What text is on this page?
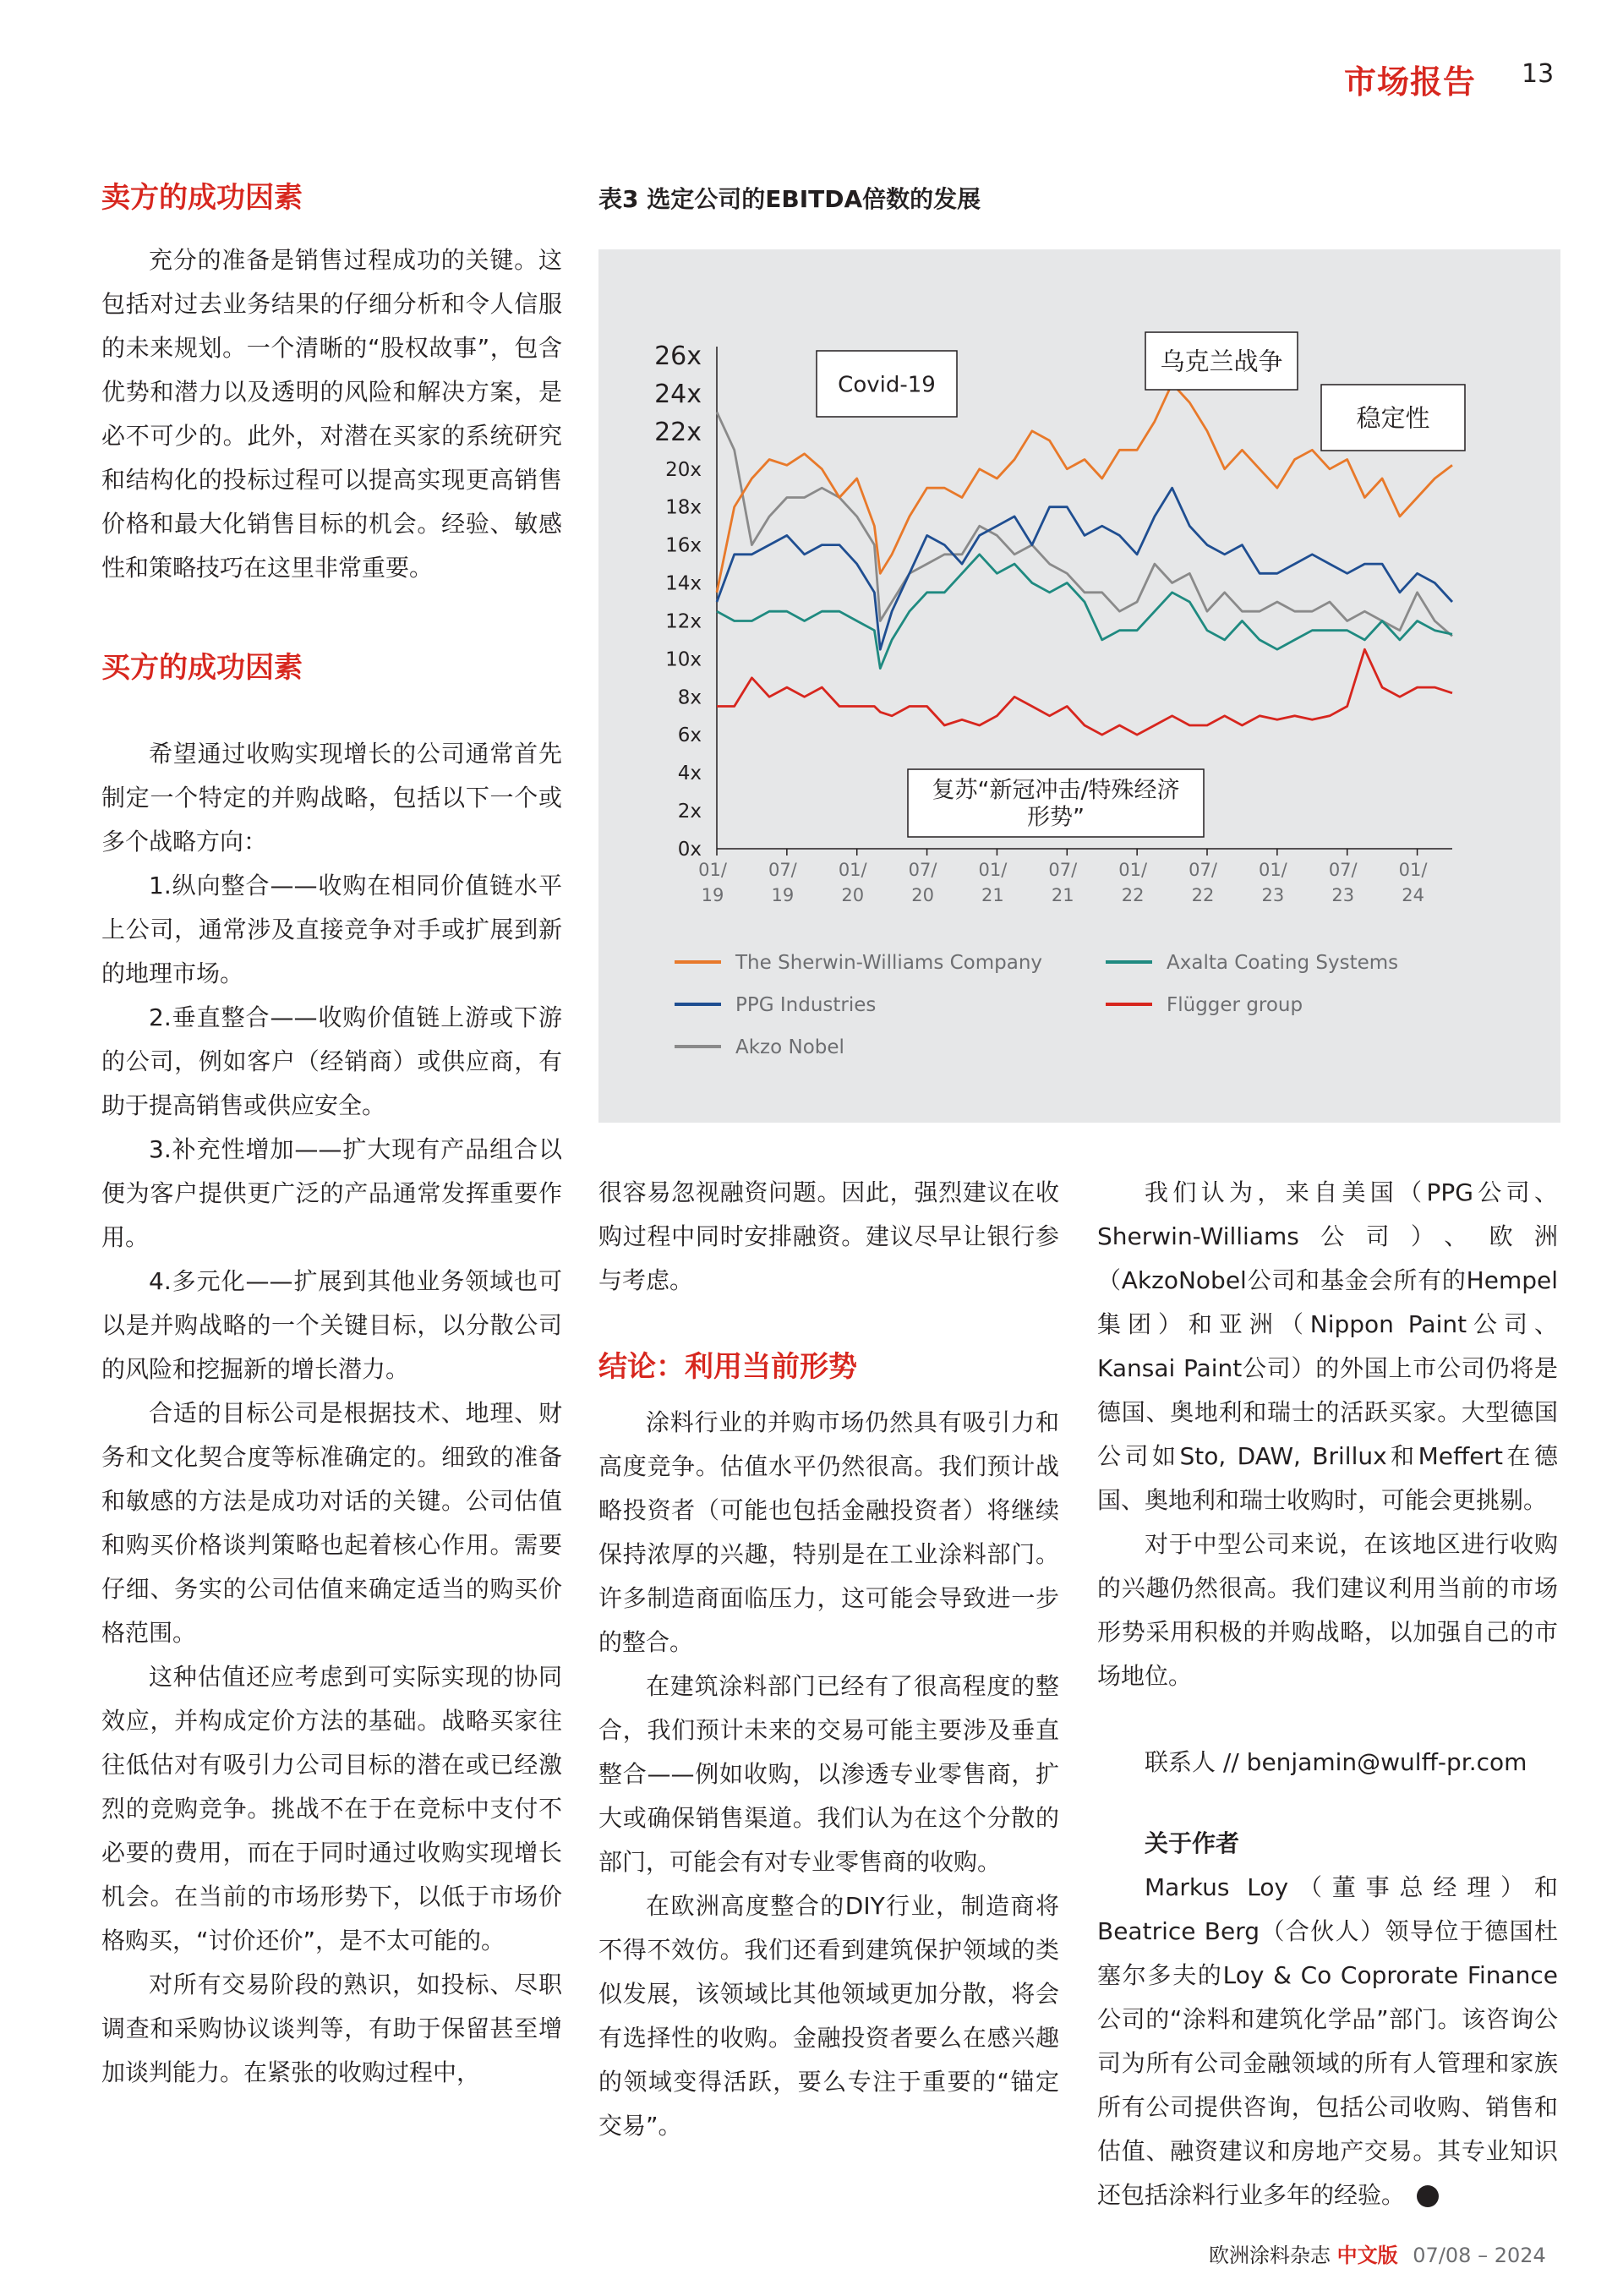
市场报告 13
卖方的成功因素

充分的准备是销售过程成功的关键。这包括对过去业务结果的仔细分析和令人信服的未来规划。一个清晰的“股权故事”，包含优势和潜力以及透明的风险和解决方案，是必不可少的。此外，对潜在买家的系统研究和结构化的投标过程可以提高实现更高销售价格和最大化销售目标的机会。经验、敏感性和策略技巧在这里非常重要。

买方的成功因素

希望通过收购实现增长的公司通常首先制定一个特定的并购战略，包括以下一个或多个战略方向：

1.纵向整合——收购在相同价值链水平上公司，通常涉及直接竞争对手或扩展到新的地理市场。

2.垂直整合——收购价值链上游或下游的公司，例如客户（经销商）或供应商，有助于提高销售或供应安全。

3.补充性增加——扩大现有产品组合以便为客户提供更广泛的产品通常发挥重要作用。

4.多元化——扩展到其他业务领域也可以是并购战略的一个关键目标，以分散公司的风险和挖掘新的增长潜力。

合适的目标公司是根据技术、地理、财务和文化契合度等标准确定的。细致的准备和敏感的方法是成功对话的关键。公司估值和购买价格谈判策略也起着核心作用。需要仔细、务实的公司估值来确定适当的购买价格范围。

这种估值还应考虑到可实际实现的协同效应，并构成定价方法的基础。战略买家往往低估对有吸引力公司目标的潜在或已经激烈的竞购竞争。挑战不在于在竞标中支付不必要的费用，而在于同时通过收购实现增长机会。在当前的市场形势下，以低于市场价格购买，“讨价还价”，是不太可能的。

对所有交易阶段的熟识，如投标、尽职调查和采购协议谈判等，有助于保留甚至增加谈判能力。在紧张的收购过程中，

表3 选定公司的EBITDA倍数的发展
0x
2x
4x
6x
8x
10x
12x
14x
16x
18x
20x
22x
24x
26x
01/
19
07/
19
01/
20
07/
20
01/
21
07/
21
01/
22
07/
22
01/
23
07/
23
01/
24
Covid-19
乌克兰战争
稳定性
复苏“新冠冲击/特殊经济
形势”
The Sherwin-Williams Company	Axalta Coating Systems
PPG Industries	Flügger group
Akzo Nobel

很容易忽视融资问题。因此，强烈建议在收购过程中同时安排融资。建议尽早让银行参与考虑。

结论：利用当前形势

涂料行业的并购市场仍然具有吸引力和高度竞争。估值水平仍然很高。我们预计战略投资者（可能也包括金融投资者）将继续保持浓厚的兴趣，特别是在工业涂料部门。许多制造商面临压力，这可能会导致进一步的整合。

在建筑涂料部门已经有了很高程度的整合，我们预计未来的交易可能主要涉及垂直整合——例如收购，以渗透专业零售商，扩大或确保销售渠道。我们认为在这个分散的部门，可能会有对专业零售商的收购。

在欧洲高度整合的DIY行业，制造商将不得不效仿。我们还看到建筑保护领域的类似发展，该领域比其他领域更加分散，将会有选择性的收购。金融投资者要么在感兴趣的领域变得活跃，要么专注于重要的“锚定交易”。

我们认为，来自美国（PPG公司、Sherwin-Williams公司）、欧洲（AkzoNobel公司和基金会所有的Hempel集团）和亚洲（Nippon Paint公司、Kansai Paint公司）的外国上市公司仍将是德国、奥地利和瑞士的活跃买家。大型德国公司如Sto, DAW, Brillux和Meffert在德国、奥地利和瑞士收购时，可能会更挑剔。

对于中型公司来说，在该地区进行收购的兴趣仍然很高。我们建议利用当前的市场形势采用积极的并购战略，以加强自己的市场地位。

联系人 // benjamin@wulff-pr.com

关于作者

Markus Loy（董事总经理）和Beatrice Berg（合伙人）领导位于德国杜塞尔多夫的Loy & Co Coprorate Finance公司的“涂料和建筑化学品”部门。该咨询公司为所有公司金融领域的所有人管理和家族所有公司提供咨询，包括公司收购、销售和估值、融资建议和房地产交易。其专业知识还包括涂料行业多年的经验。	◀

欧洲涂料杂志 中文版 07/08 – 2024
